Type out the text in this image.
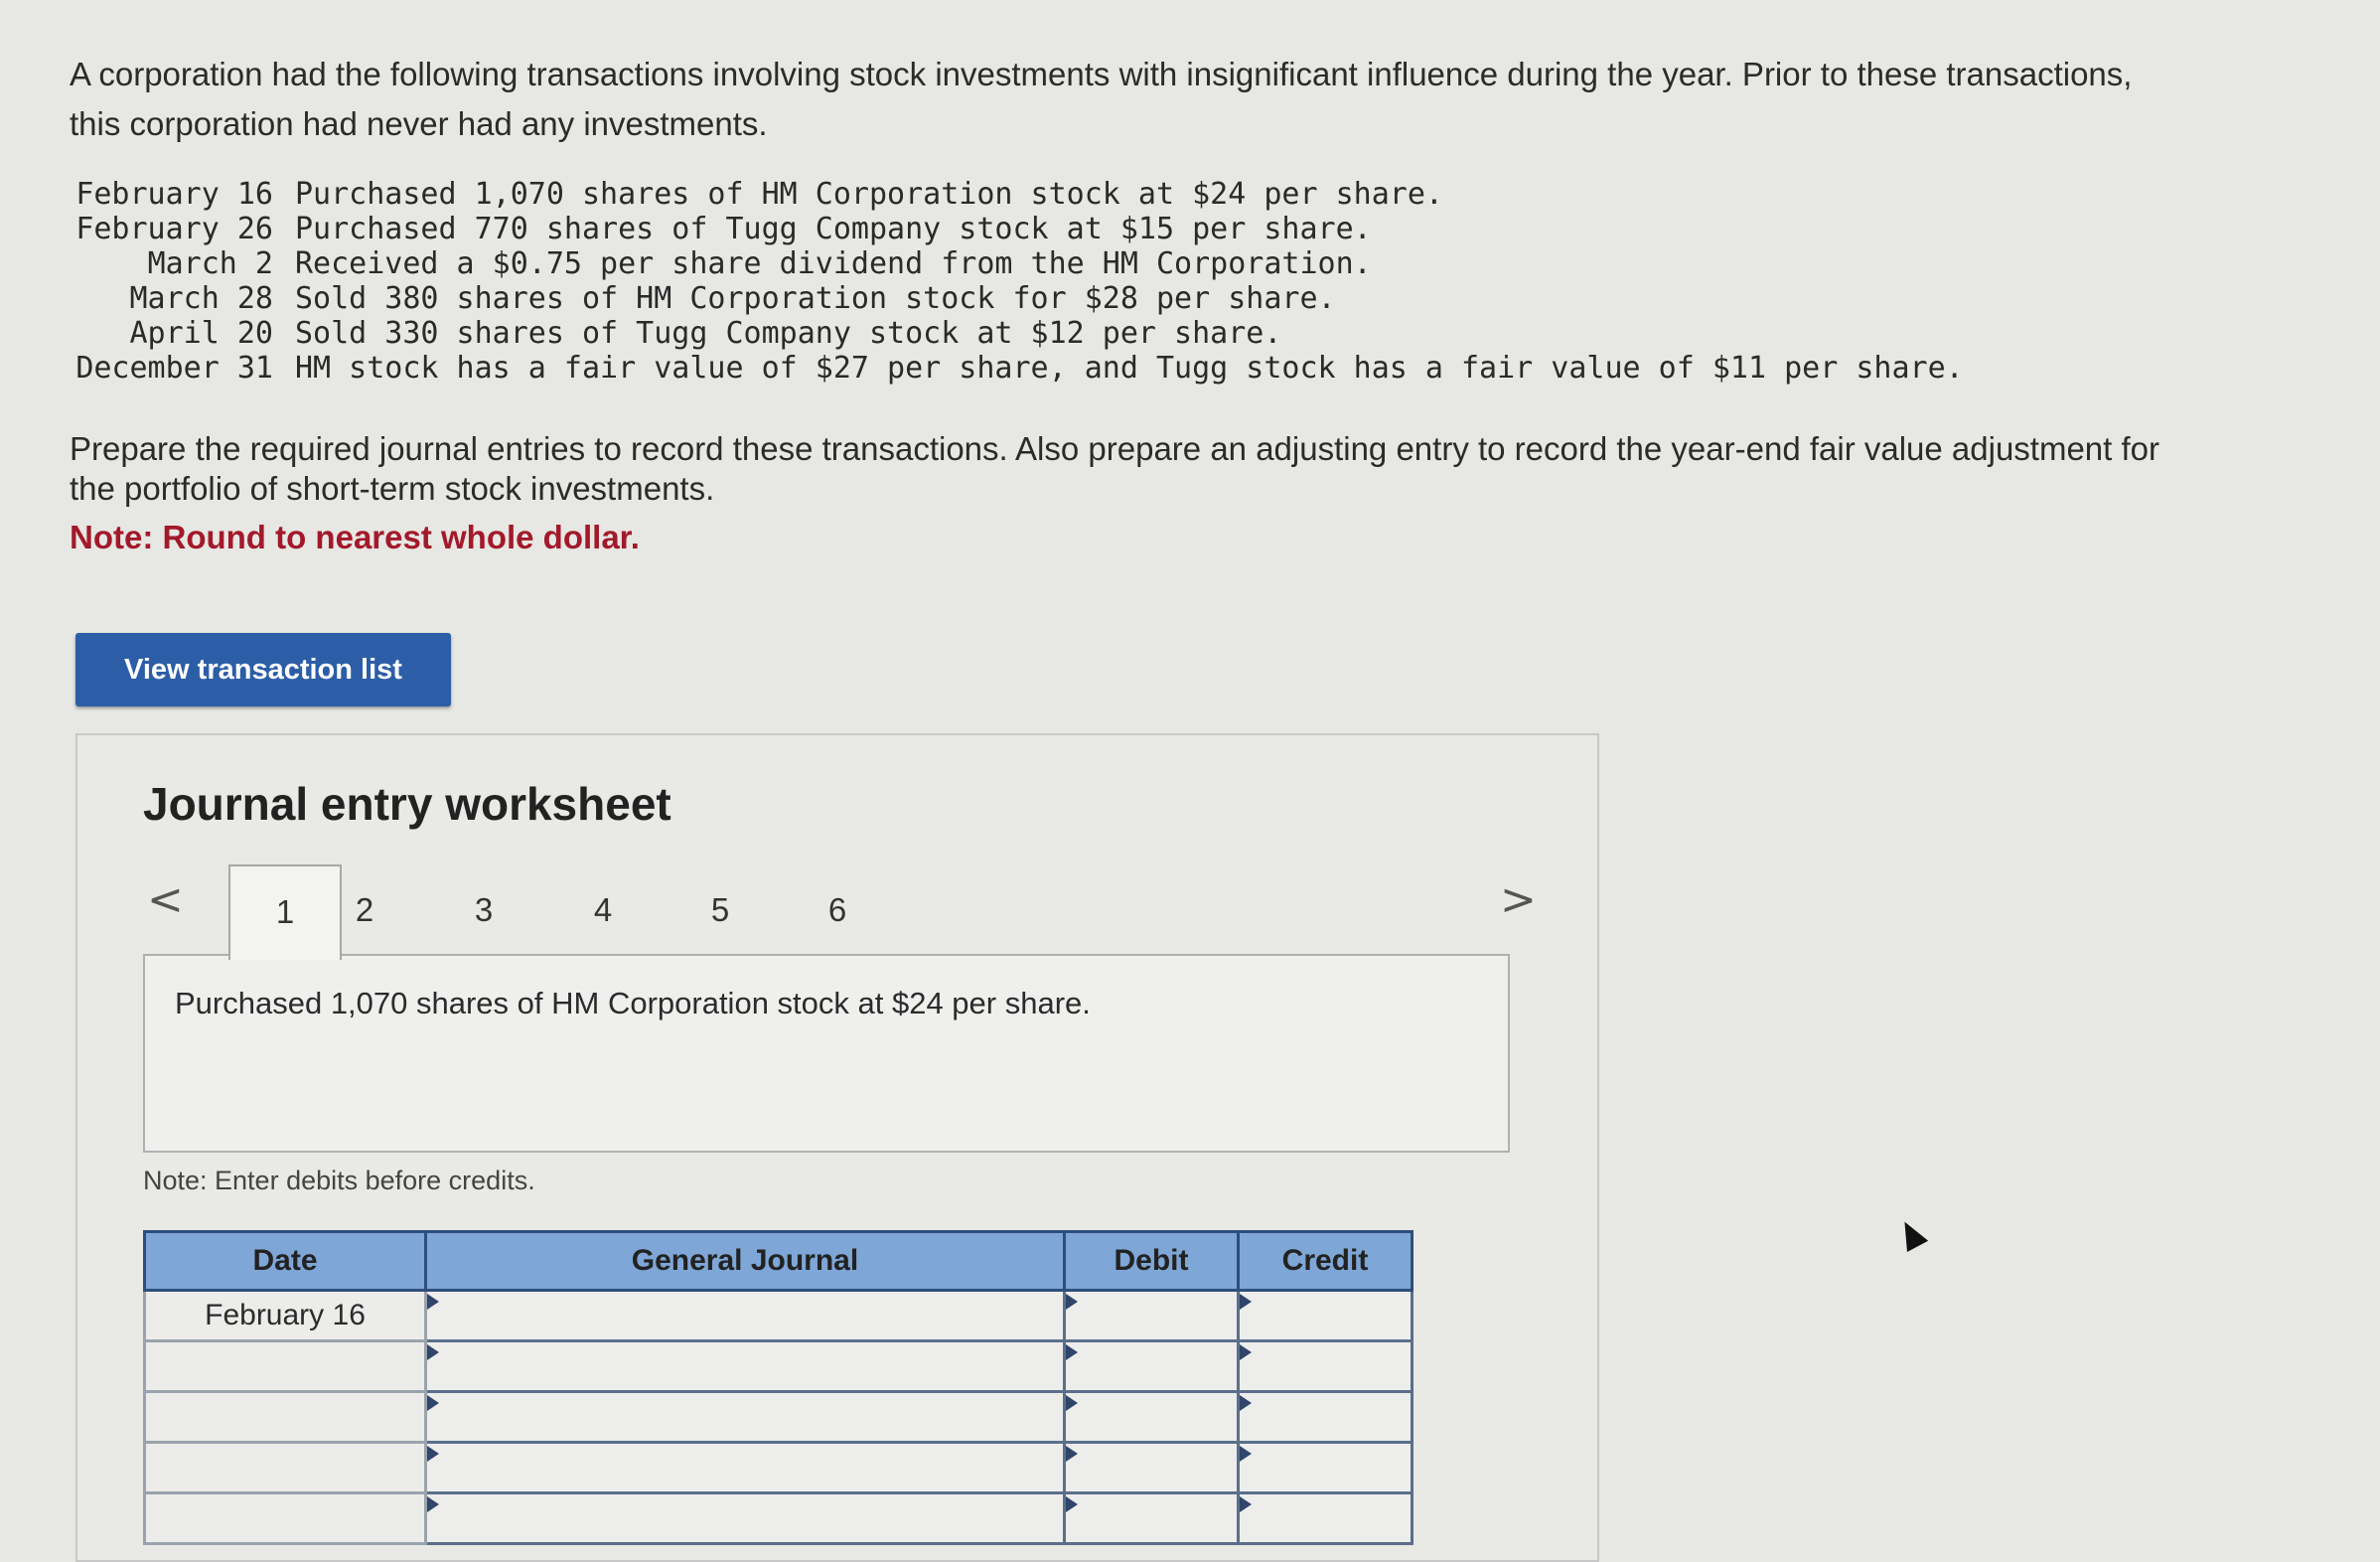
A corporation had the following transactions involving stock investments with insignificant influence during the year. Prior to these transactions, this corporation had never had any investments.

February 16 Purchased 1,070 shares of HM Corporation stock at $24 per share.
February 26 Purchased 770 shares of Tugg Company stock at $15 per share.
March 2 Received a $0.75 per share dividend from the HM Corporation.
March 28 Sold 380 shares of HM Corporation stock for $28 per share.
April 20 Sold 330 shares of Tugg Company stock at $12 per share.
December 31 HM stock has a fair value of $27 per share, and Tugg stock has a fair value of $11 per share.

Prepare the required journal entries to record these transactions. Also prepare an adjusting entry to record the year-end fair value adjustment for the portfolio of short-term stock investments.

Note: Round to nearest whole dollar.

View transaction list
Journal entry worksheet
<	1	2	3	4	5	6	>
Purchased 1,070 shares of HM Corporation stock at $24 per share.
Note: Enter debits before credits.
Date	General Journal	Debit	Credit
February 16			
